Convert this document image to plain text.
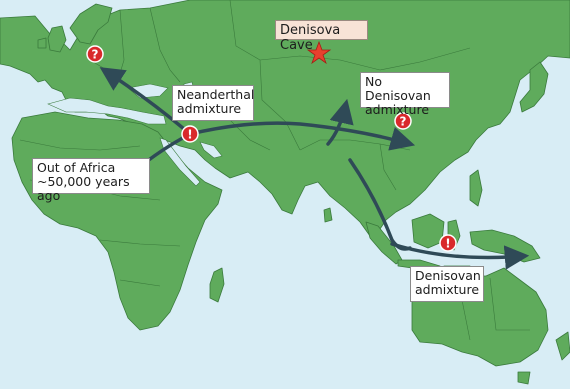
?
?
!
!
Denisova Cave
Neanderthal
admixture
No Denisovan
admixture
Out of Africa
~50,000 years ago
Denisovan
admixture
